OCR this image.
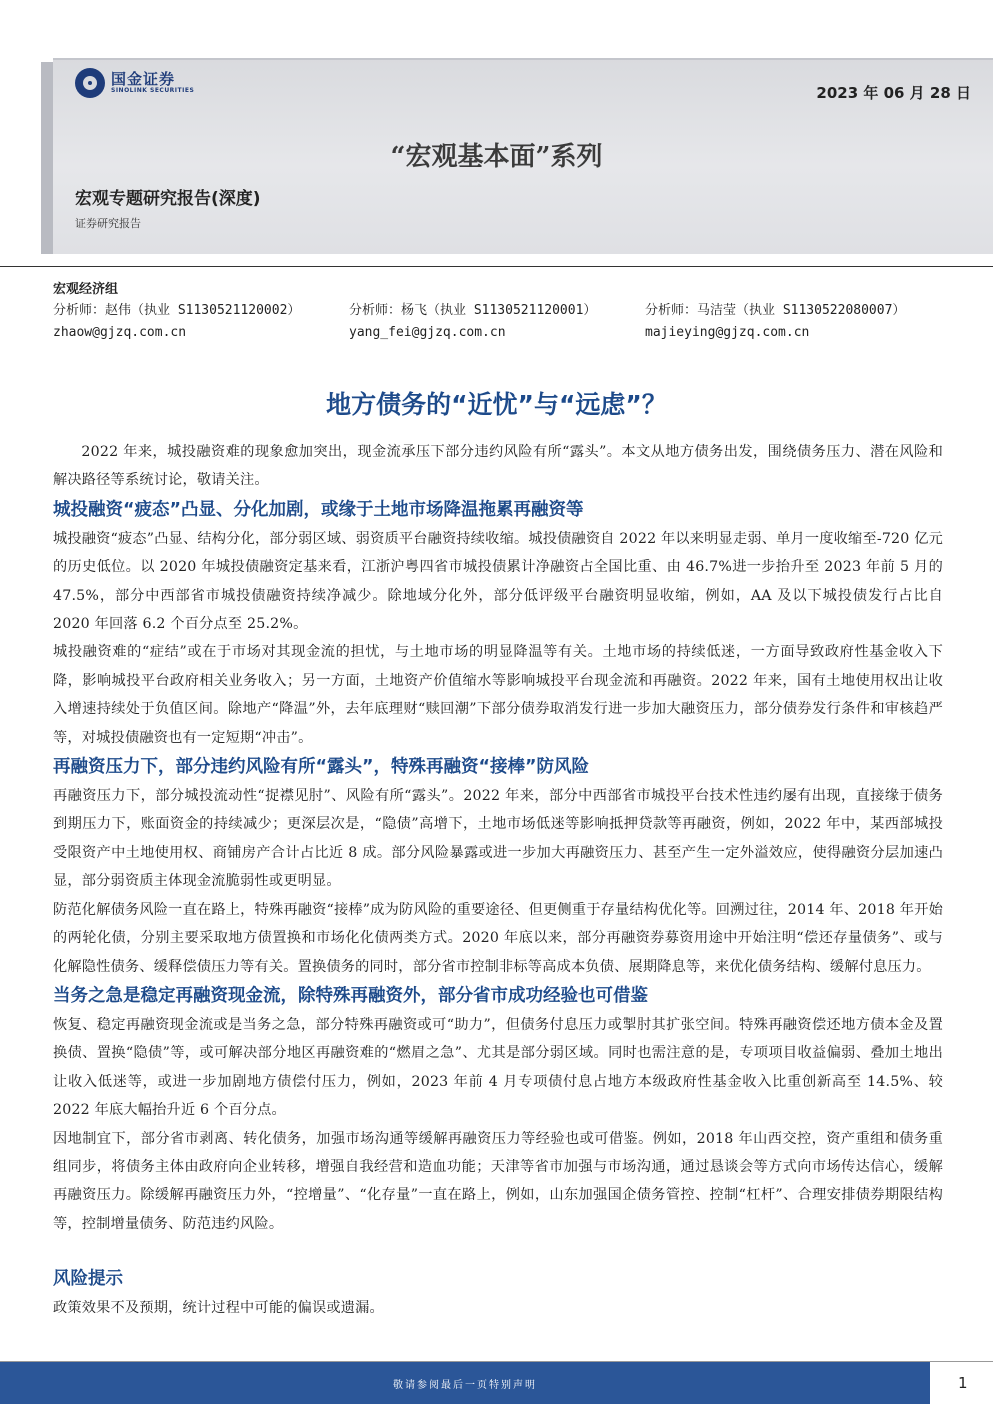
国金证券
SINOLINK SECURITIES	2023 年 06 月 28 日
“宏观基本面”系列
宏观专题研究报告(深度)
证券研究报告
宏观经济组
分析师：赵伟（执业 S1130521120002）
zhaow@gjzq.com.cn
分析师：杨飞（执业 S1130521120001）
yang_fei@gjzq.com.cn
分析师：马洁莹（执业 S1130522080007）
majieying@gjzq.com.cn
地方债务的“近忧”与“远虑”？

2022 年来，城投融资难的现象愈加突出，现金流承压下部分违约风险有所“露头”。本文从地方债务出发，围绕债务压力、潜在风险和解决路径等系统讨论，敬请关注。

城投融资“疲态”凸显、分化加剧，或缘于土地市场降温拖累再融资等

城投融资“疲态”凸显、结构分化，部分弱区域、弱资质平台融资持续收缩。城投债融资自 2022 年以来明显走弱、单月一度收缩至-720 亿元的历史低位。以 2020 年城投债融资定基来看，江浙沪粤四省市城投债累计净融资占全国比重、由 46.7%进一步抬升至 2023 年前 5 月的 47.5%，部分中西部省市城投债融资持续净减少。除地域分化外，部分低评级平台融资明显收缩，例如，AA 及以下城投债发行占比自 2020 年回落 6.2 个百分点至 25.2%。

城投融资难的“症结”或在于市场对其现金流的担忧，与土地市场的明显降温等有关。土地市场的持续低迷，一方面导致政府性基金收入下降，影响城投平台政府相关业务收入；另一方面，土地资产价值缩水等影响城投平台现金流和再融资。2022 年来，国有土地使用权出让收入增速持续处于负值区间。除地产“降温”外，去年底理财“赎回潮”下部分债券取消发行进一步加大融资压力，部分债券发行条件和审核趋严等，对城投债融资也有一定短期“冲击”。

再融资压力下，部分违约风险有所“露头”，特殊再融资“接棒”防风险

再融资压力下，部分城投流动性“捉襟见肘”、风险有所“露头”。2022 年来，部分中西部省市城投平台技术性违约屡有出现，直接缘于债务到期压力下，账面资金的持续减少；更深层次是，“隐债”高增下，土地市场低迷等影响抵押贷款等再融资，例如，2022 年中，某西部城投受限资产中土地使用权、商铺房产合计占比近 8 成。部分风险暴露或进一步加大再融资压力、甚至产生一定外溢效应，使得融资分层加速凸显，部分弱资质主体现金流脆弱性或更明显。

防范化解债务风险一直在路上，特殊再融资“接棒”成为防风险的重要途径、但更侧重于存量结构优化等。回溯过往，2014 年、2018 年开始的两轮化债，分别主要采取地方债置换和市场化化债两类方式。2020 年底以来，部分再融资券募资用途中开始注明“偿还存量债务”、或与化解隐性债务、缓释偿债压力等有关。置换债务的同时，部分省市控制非标等高成本负债、展期降息等，来优化债务结构、缓解付息压力。

当务之急是稳定再融资现金流，除特殊再融资外，部分省市成功经验也可借鉴

恢复、稳定再融资现金流或是当务之急，部分特殊再融资或可“助力”，但债务付息压力或掣肘其扩张空间。特殊再融资偿还地方债本金及置换债、置换“隐债”等，或可解决部分地区再融资难的“燃眉之急”、尤其是部分弱区域。同时也需注意的是，专项项目收益偏弱、叠加土地出让收入低迷等，或进一步加剧地方债偿付压力，例如，2023 年前 4 月专项债付息占地方本级政府性基金收入比重创新高至 14.5%、较 2022 年底大幅抬升近 6 个百分点。

因地制宜下，部分省市剥离、转化债务，加强市场沟通等缓解再融资压力等经验也或可借鉴。例如，2018 年山西交控，资产重组和债务重组同步，将债务主体由政府向企业转移，增强自我经营和造血功能；天津等省市加强与市场沟通，通过恳谈会等方式向市场传达信心，缓解再融资压力。除缓解再融资压力外，“控增量”、“化存量”一直在路上，例如，山东加强国企债务管控、控制“杠杆”、合理安排债券期限结构等，控制增量债务、防范违约风险。

风险提示

政策效果不及预期，统计过程中可能的偏误或遗漏。

敬请参阅最后一页特别声明	1
